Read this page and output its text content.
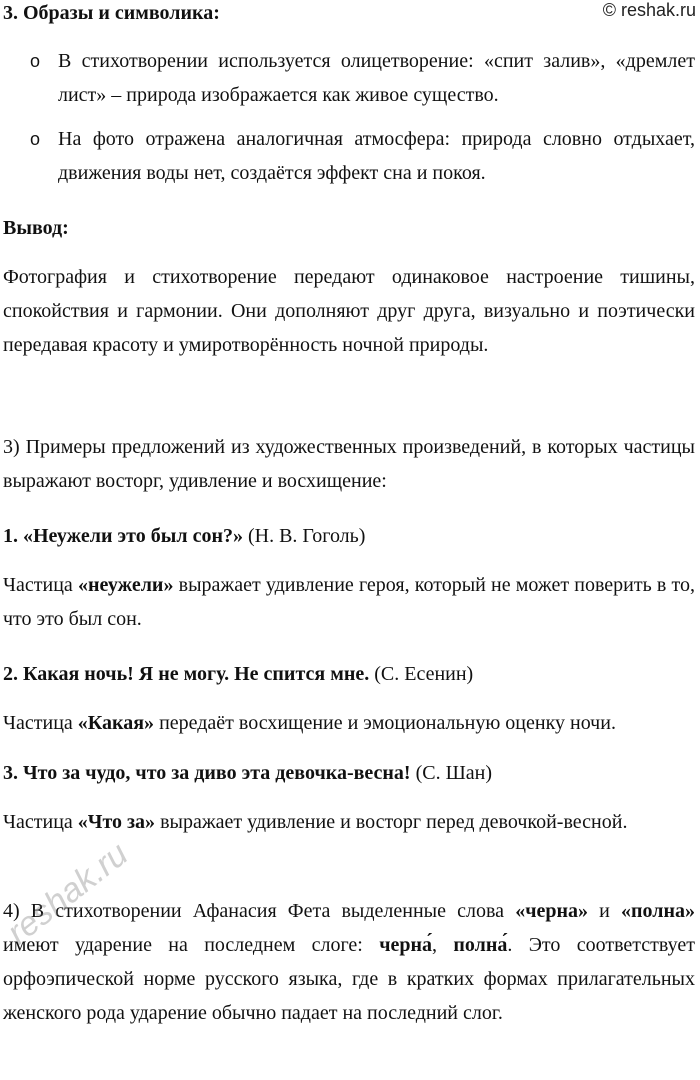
3. Образы и символика:	© reshak.ru
o В стихотворении используется олицетворение: «спит залив», «дремлет лист» – природа изображается как живое существо.
o На фото отражена аналогичная атмосфера: природа словно отдыхает, движения воды нет, создаётся эффект сна и покоя.
Вывод:
Фотография и стихотворение передают одинаковое настроение тишины, спокойствия и гармонии. Они дополняют друг друга, визуально и поэтически передавая красоту и умиротворённость ночной природы.
3) Примеры предложений из художественных произведений, в которых частицы выражают восторг, удивление и восхищение:
1. «Неужели это был сон?» (Н. В. Гоголь)
Частица «неужели» выражает удивление героя, который не может поверить в то, что это был сон.
2. Какая ночь! Я не могу. Не спится мне. (С. Есенин)
Частица «Какая» передаёт восхищение и эмоциональную оценку ночи.
3. Что за чудо, что за диво эта девочка-весна! (С. Шан)
Частица «Что за» выражает удивление и восторг перед девочкой-весной.
4) В стихотворении Афанасия Фета выделенные слова «черна» и «полна» имеют ударение на последнем слоге: черна́, полна́. Это соответствует орфоэпической норме русского языка, где в кратких формах прилагательных женского рода ударение обычно падает на последний слог.
reshak.ru
